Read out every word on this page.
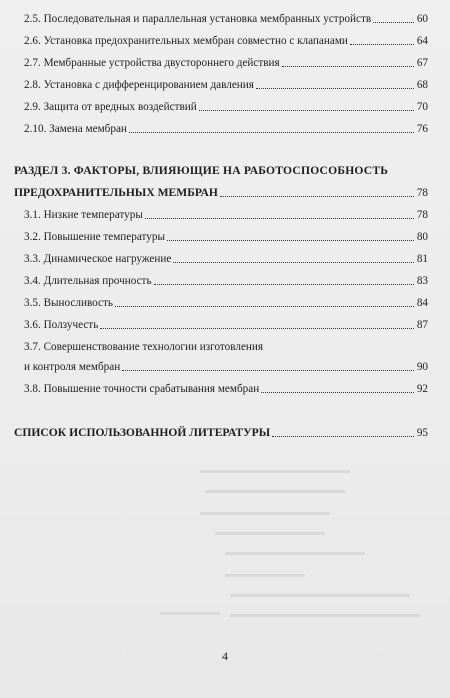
2.5. Последовательная и параллельная установка мембранных устройств	60
2.6. Установка предохранительных мембран совместно с клапанами	64
2.7. Мембранные устройства двустороннего действия	67
2.8. Установка с дифференцированием давления	68
2.9. Защита от вредных воздействий	70
2.10. Замена мембран	76
РАЗДЕЛ 3. ФАКТОРЫ, ВЛИЯЮЩИЕ НА РАБОТОСПОСОБНОСТЬ
ПРЕДОХРАНИТЕЛЬНЫХ МЕМБРАН	78
3.1. Низкие температуры	78
3.2. Повышение температуры	80
3.3. Динамическое нагружение	81
3.4. Длительная прочность	83
3.5. Выносливость	84
3.6. Ползучесть	87
3.7. Совершенствование технологии изготовления
и контроля мембран	90
3.8. Повышение точности срабатывания мембран	92
СПИСОК ИСПОЛЬЗОВАННОЙ ЛИТЕРАТУРЫ	95
4
